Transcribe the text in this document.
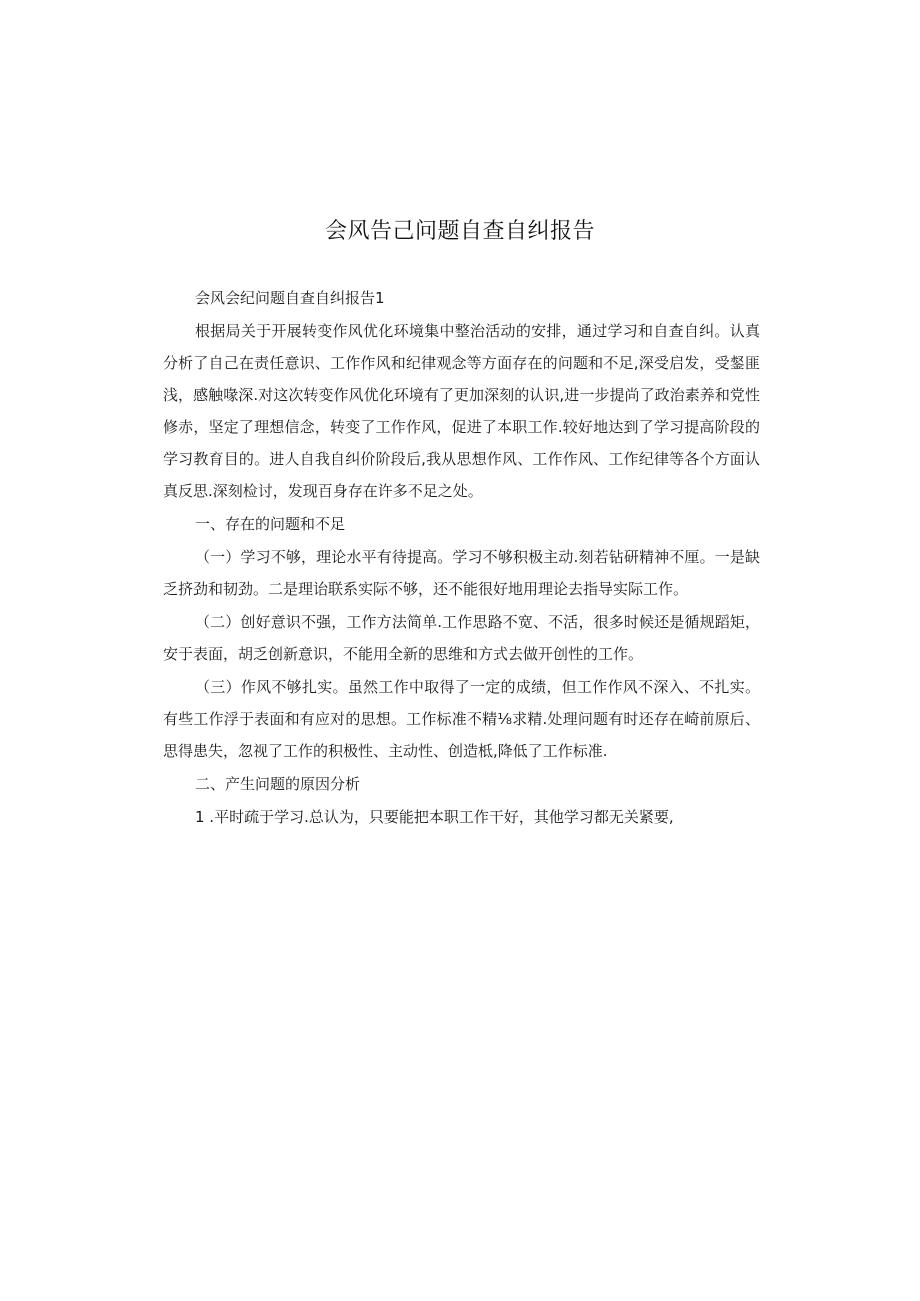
会风告己问题自查自纠报告

会风会纪问题自查自纠报告1

根据局关于开展转变作风优化环境集中整治活动的安排，通过学习和自查自纠。认真分析了自己在责任意识、工作作风和纪律观念等方面存在的问题和不足,深受启发，受錖匪浅，感触喙深.对这次转变作风优化环境有了更加深刻的认识,进一步提尚了政治素养和党性修赤，坚定了理想信念，转变了工作作风，促进了本职工作.较好地达到了学习提高阶段的学习教育目的。进人自我自纠价阶段后,我从思想作风、工作作风、工作纪律等各个方面认真反思.深刻检讨，发现百身存在许多不足之处。

一、存在的问题和不足

（一）学习不够，理论水平有待提高。学习不够积极主动.刻若钻研精神不厘。一是缺乏挤劲和韧劲。二是理诒联系实际不够，还不能很好地用理论去指导实际工作。

（二）创好意识不强，工作方法简单.工作思路不宽、不活，很多时候还是循规蹈矩，安于表面，胡乏创新意识，不能用全新的思维和方式去做开创性的工作。

（三）作风不够扎实。虽然工作中取得了一定的成绩，但工作作风不深入、不扎实。有些工作浮于表面和有应对的思想。工作标准不精⅛求精.处理问题有时还存在崎前原后、思得患失，忽视了工作的积极性、主动性、创造柢,降低了工作标准.

二、产生问题的原因分析

1 .平时疏于学习.总认为，只要能把本职工作干好，其他学习都无关紧要,
